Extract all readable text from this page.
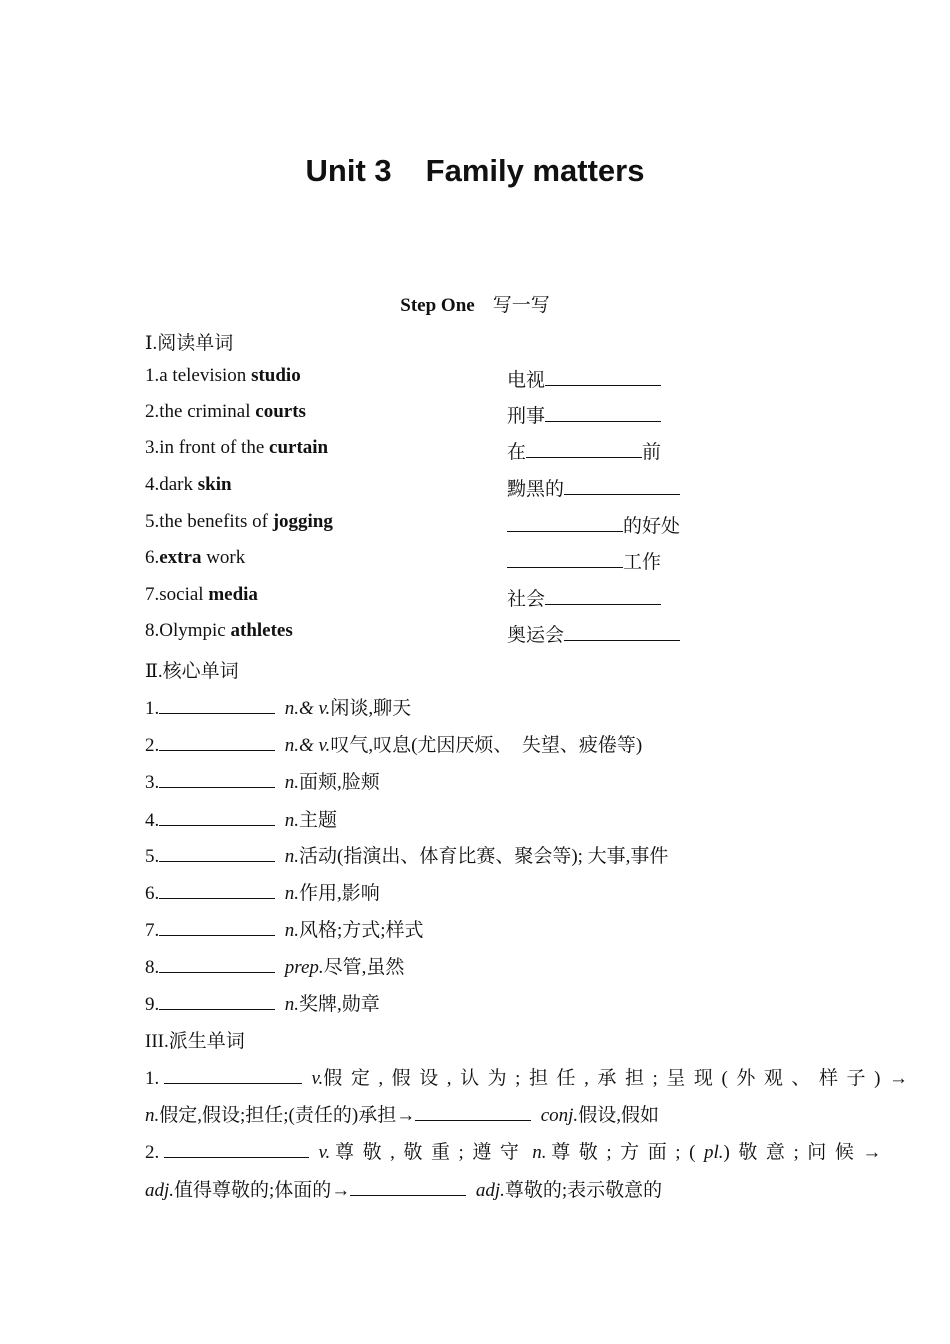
Unit 3 Family matters
Step One 写一写
Ⅰ.阅读单词
1.a television studio	电视
2.the criminal courts	刑事
3.in front of the curtain	在	前
4.dark skin	黝黑的
5.the benefits of jogging	的好处
6.extra work	工作
7.social media	社会
8.Olympic athletes	奥运会
Ⅱ.核心单词
1.	n.& v.闲谈,聊天
2.	n.& v.叹气,叹息(尤因厌烦、　失望、疲倦等)
3.	n.面颊,脸颊
4.	n.主题
5.	n.活动(指演出、体育比赛、聚会等); 大事,事件
6.	n.作用,影响
7.	n.风格;方式;样式
8.	prep.尽管,虽然
9.	n.奖牌,勋章
III.派生单词
1.	v.假定,假设,认为;担任,承担;呈现(外观、样子)→
n.假定,假设;担任;(责任的)承担→	conj.假设,假如
2.	v. 尊敬,敬重;遵守 n. 尊敬;方面;(pl.)敬意;问候→
adj.值得尊敬的;体面的→	adj.尊敬的;表示敬意的
